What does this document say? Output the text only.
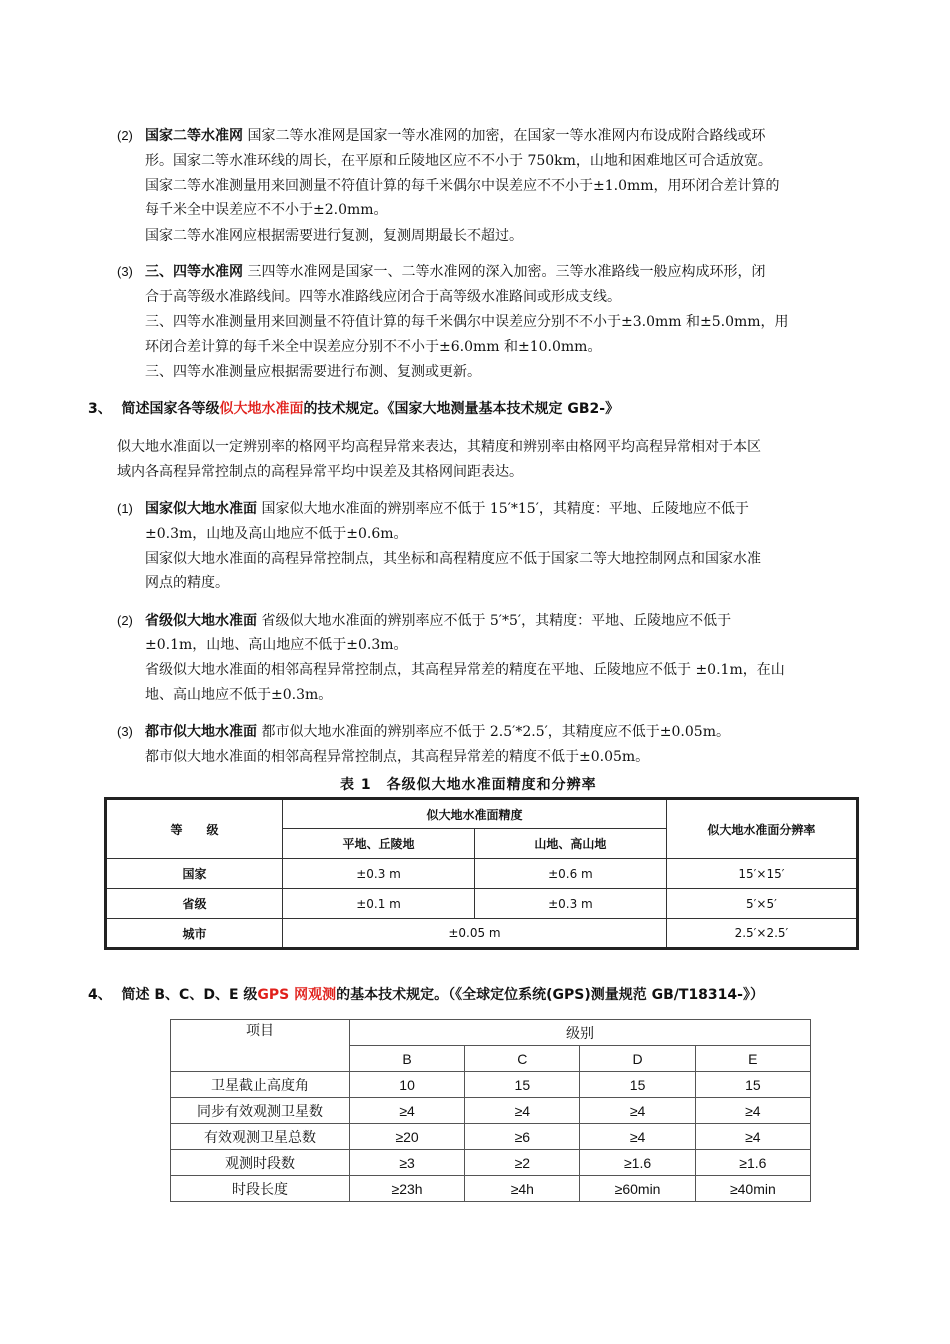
(2) 国家二等水准网 国家二等水准网是国家一等水准网的加密，在国家一等水准网内布设成附合路线或环
形。国家二等水准环线的周长，在平原和丘陵地区应不不小于 750km，山地和困难地区可合适放宽。
国家二等水准测量用来回测量不符值计算的每千米偶尔中误差应不不小于±1.0mm，用环闭合差计算的
每千米全中误差应不不小于±2.0mm。
国家二等水准网应根据需要进行复测，复测周期最长不超过。
(3) 三、四等水准网 三四等水准网是国家一、二等水准网的深入加密。三等水准路线一般应构成环形，闭
合于高等级水准路线间。四等水准路线应闭合于高等级水准路间或形成支线。
三、四等水准测量用来回测量不符值计算的每千米偶尔中误差应分别不不小于±3.0mm 和±5.0mm，用
环闭合差计算的每千米全中误差应分别不不小于±6.0mm 和±10.0mm。
三、四等水准测量应根据需要进行布测、复测或更新。
3、 简述国家各等级似大地水准面的技术规定。《国家大地测量基本技术规定 GB2-》
似大地水准面以一定辨别率的格网平均高程异常来表达，其精度和辨别率由格网平均高程异常相对于本区
域内各高程异常控制点的高程异常平均中误差及其格网间距表达。
(1) 国家似大地水准面 国家似大地水准面的辨别率应不低于 15′*15′，其精度：平地、丘陵地应不低于
±0.3m，山地及高山地应不低于±0.6m。
国家似大地水准面的高程异常控制点，其坐标和高程精度应不低于国家二等大地控制网点和国家水准
网点的精度。
(2) 省级似大地水准面 省级似大地水准面的辨别率应不低于 5′*5′，其精度：平地、丘陵地应不低于
±0.1m，山地、高山地应不低于±0.3m。
省级似大地水准面的相邻高程异常控制点，其高程异常差的精度在平地、丘陵地应不低于 ±0.1m，在山
地、高山地应不低于±0.3m。
(3) 都市似大地水准面 都市似大地水准面的辨别率应不低于 2.5′*2.5′，其精度应不低于±0.05m。
都市似大地水准面的相邻高程异常控制点，其高程异常差的精度不低于±0.05m。
表 1　各级似大地水准面精度和分辨率
等　　级	似大地水准面精度		似大地水准面分辨率
	平地、丘陵地	山地、高山地	
国家	±0.3 m	±0.6 m	15′×15′
省级	±0.1 m	±0.3 m	5′×5′
城市	±0.05 m		2.5′×2.5′
4、 简述 B、C、D、E 级GPS 网观测的基本技术规定。（《全球定位系统(GPS)测量规范 GB/T18314-》）
项目	级别			
	B	C	D	E
卫星截止高度角	10	15	15	15
同步有效观测卫星数	≥4	≥4	≥4	≥4
有效观测卫星总数	≥20	≥6	≥4	≥4
观测时段数	≥3	≥2	≥1.6	≥1.6
时段长度	≥23h	≥4h	≥60min	≥40min
